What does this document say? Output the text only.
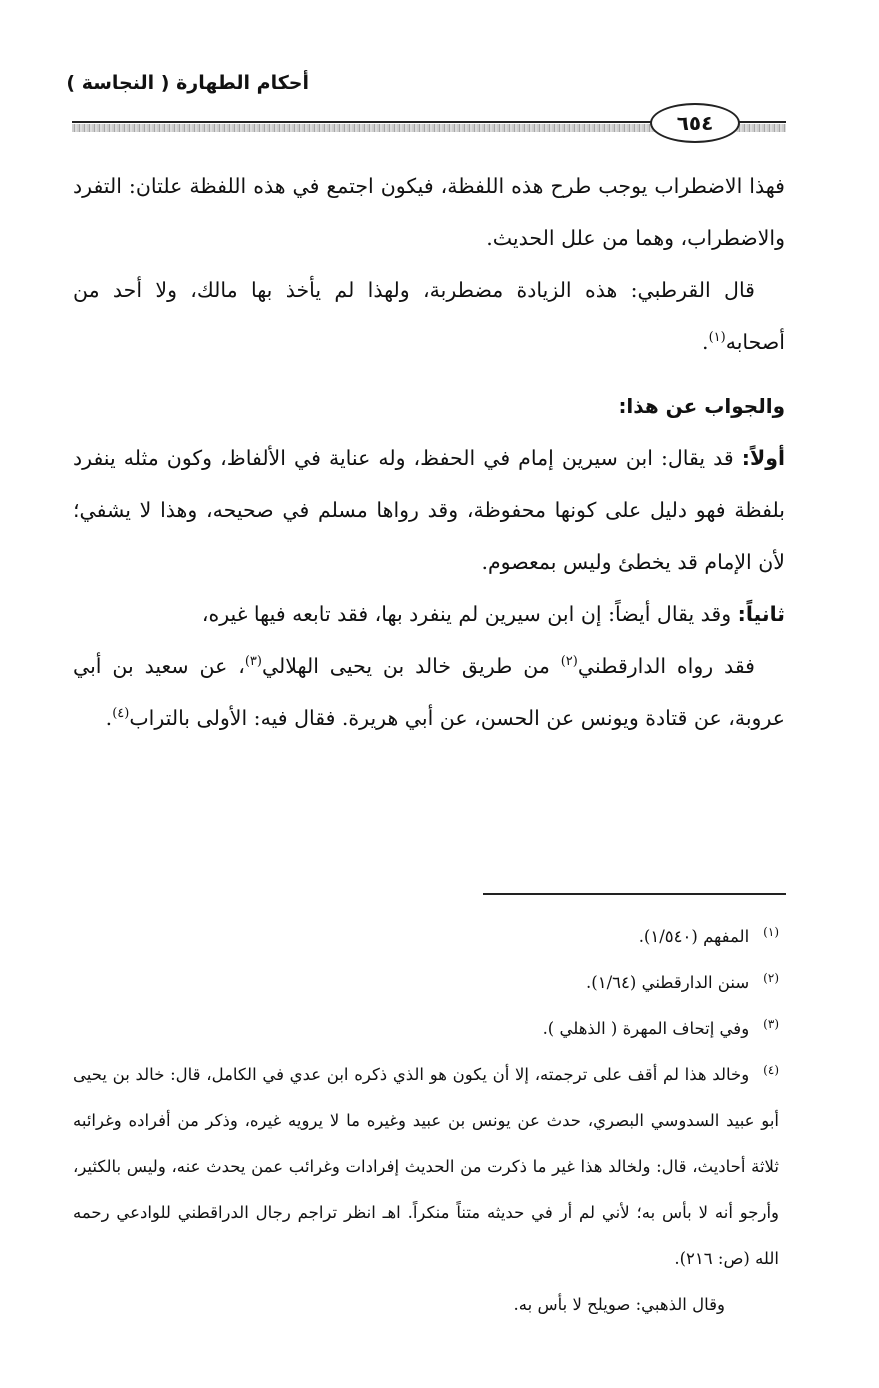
أحكام الطهارة ( النجاسة )
٦٥٤

فهذا الاضطراب يوجب طرح هذه اللفظة، فيكون اجتمع في هذه اللفظة علتان: التفرد والاضطراب، وهما من علل الحديث.

قال القرطبي: هذه الزيادة مضطربة، ولهذا لم يأخذ بها مالك، ولا أحد من أصحابه$^{(١)}$.

والجواب عن هذا:

أولاً: قد يقال: ابن سيرين إمام في الحفظ، وله عناية في الألفاظ، وكون مثله ينفرد بلفظة فهو دليل على كونها محفوظة، وقد رواها مسلم في صحيحه، وهذا لا يشفي؛ لأن الإمام قد يخطئ وليس بمعصوم.

ثانياً: وقد يقال أيضاً: إن ابن سيرين لم ينفرد بها، فقد تابعه فيها غيره،

فقد رواه الدارقطني$^{(٢)}$ من طريق خالد بن يحيى الهلالي$^{(٣)}$، عن سعيد بن أبي عروبة، عن قتادة ويونس عن الحسن، عن أبي هريرة. فقال فيه: الأولى بالتراب$^{(٤)}$.

$^{(١)}$المفهم (١/٥٤٠).

$^{(٢)}$سنن الدارقطني (١/٦٤).

$^{(٣)}$وفي إتحاف المهرة ( الذهلي ).

$^{(٤)}$وخالد هذا لم أقف على ترجمته، إلا أن يكون هو الذي ذكره ابن عدي في الكامل، قال: خالد بن يحيى أبو عبيد السدوسي البصري، حدث عن يونس بن عبيد وغيره ما لا يرويه غيره، وذكر من أفراده وغرائبه ثلاثة أحاديث، قال: ولخالد هذا غير ما ذكرت من الحديث إفرادات وغرائب عمن يحدث عنه، وليس بالكثير، وأرجو أنه لا بأس به؛ لأني لم أر في حديثه متناً منكراً. اهـ انظر تراجم رجال الدراقطني للوادعي رحمه الله (ص: ٢١٦).

وقال الذهبي: صويلح لا بأس به.
